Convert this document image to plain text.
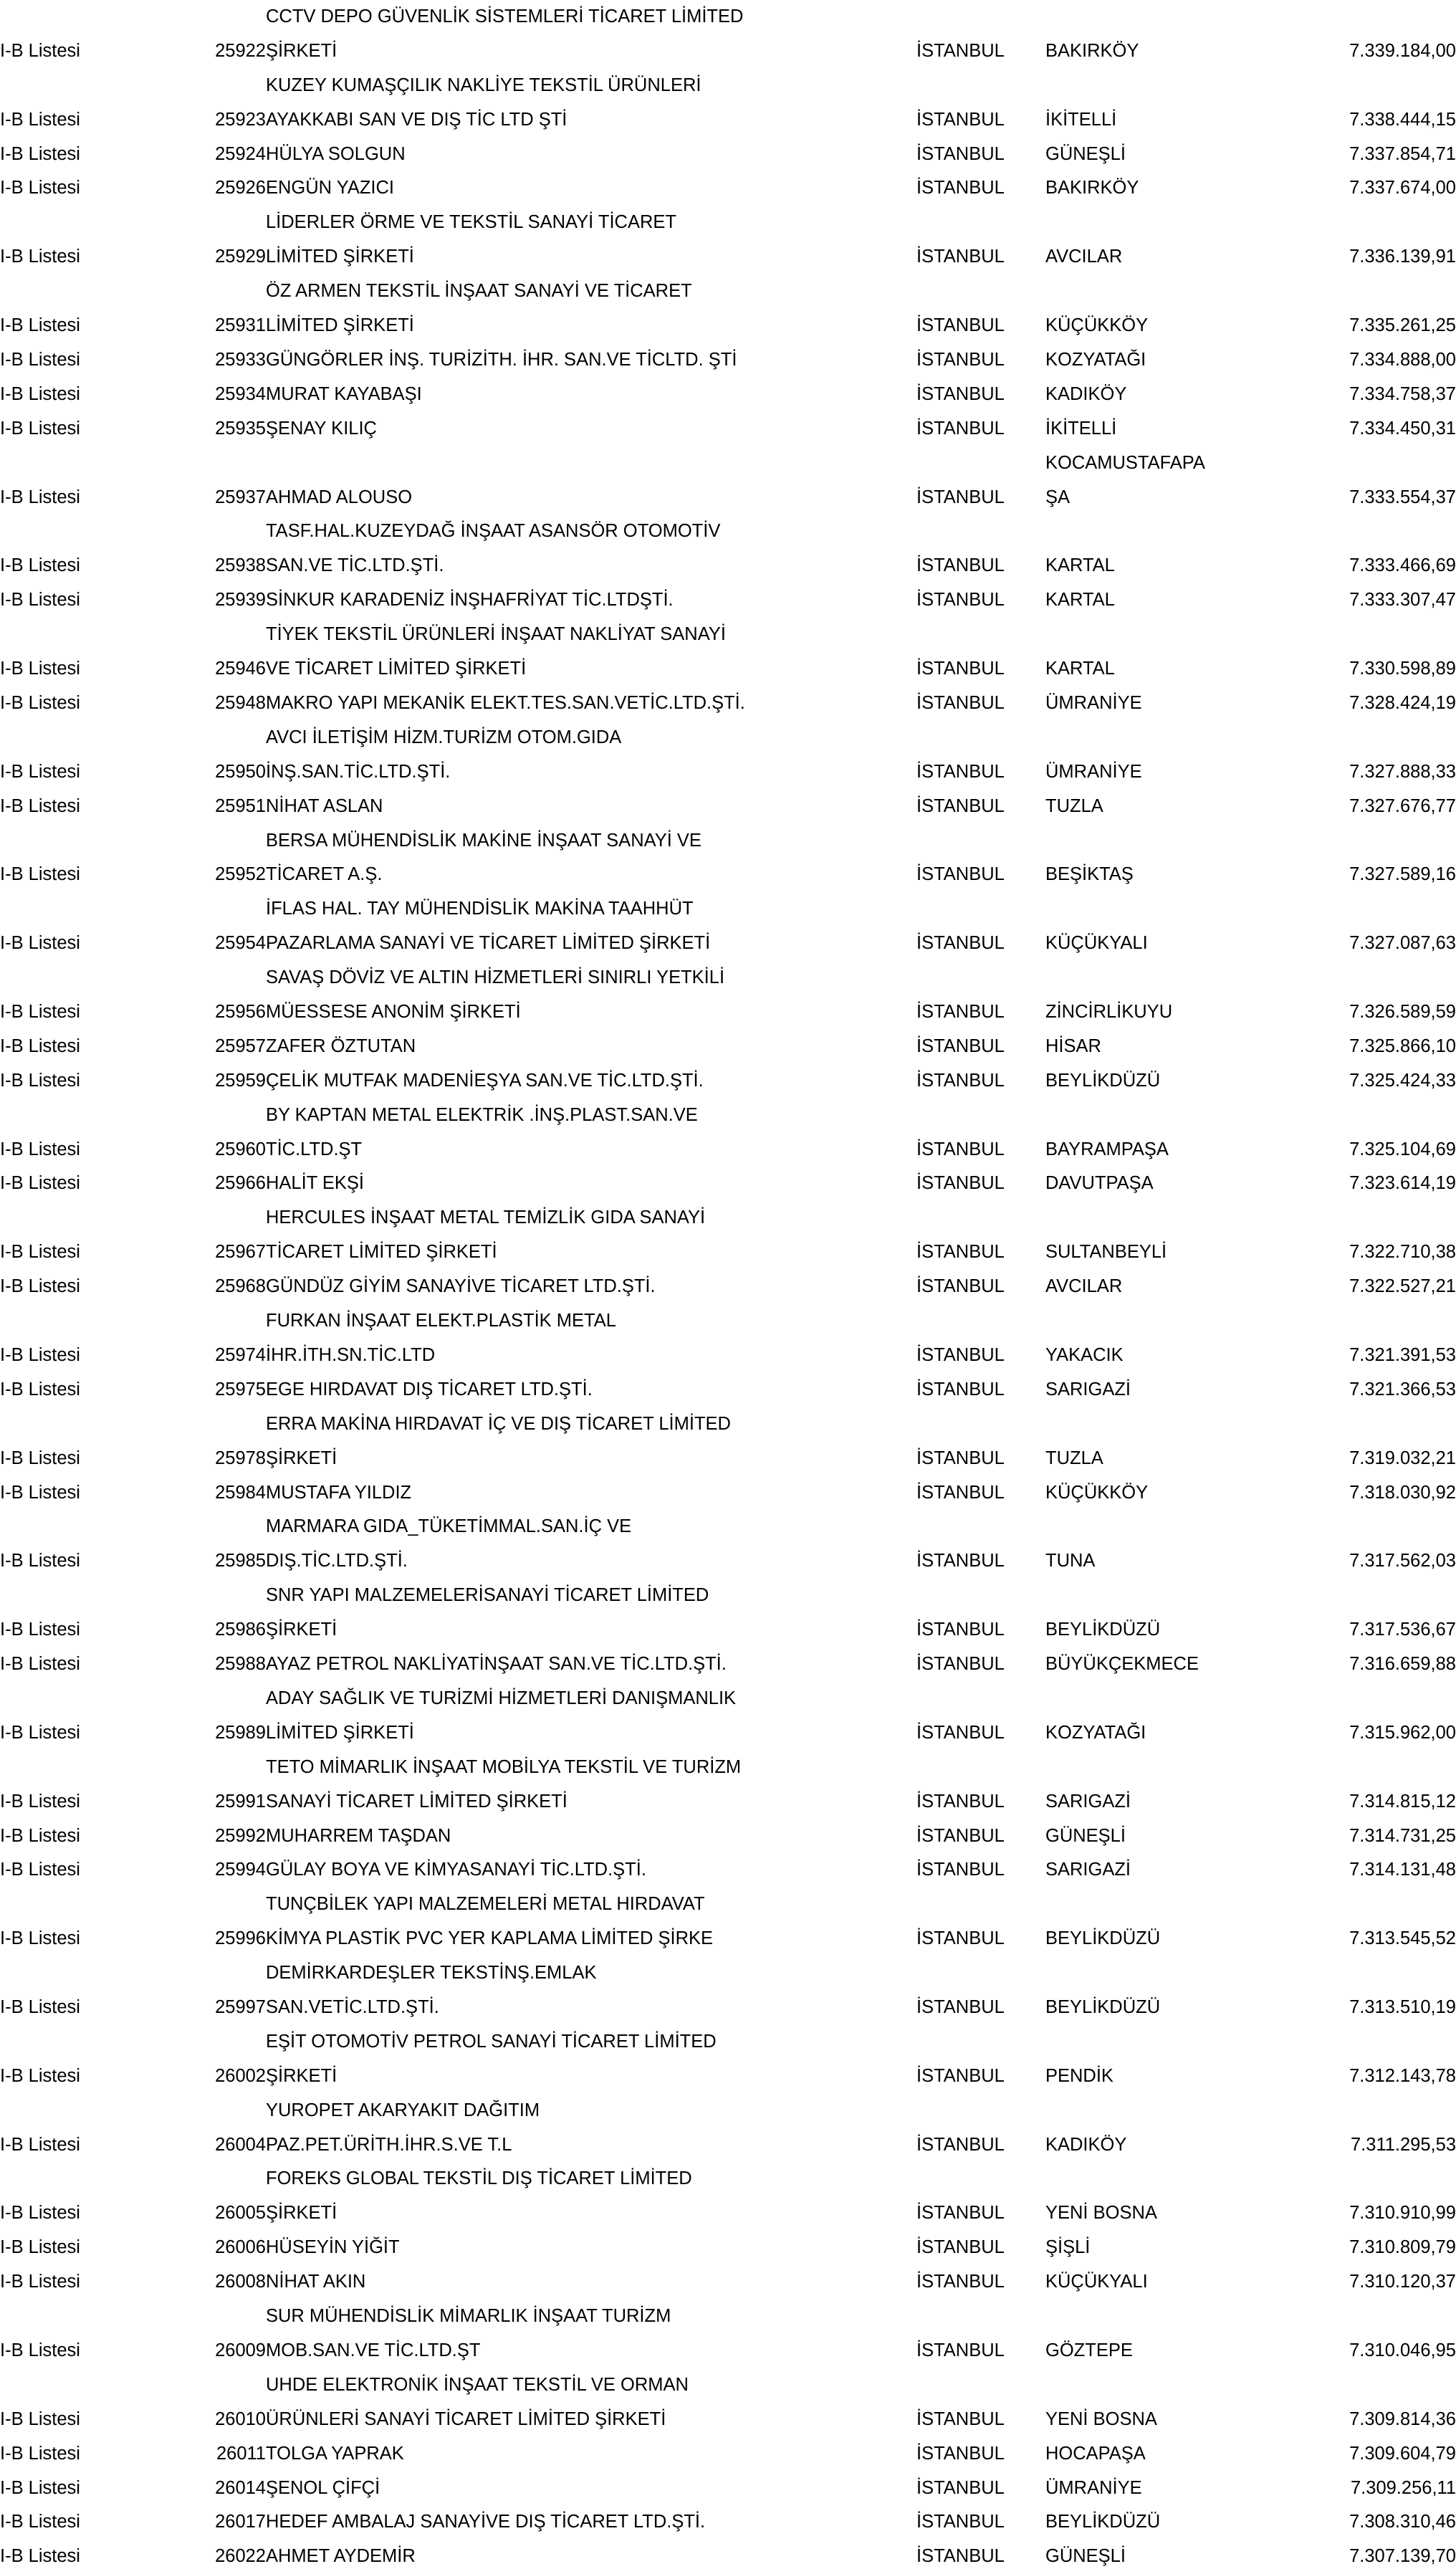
I-B Listesi	25922	CCTV DEPO GÜVENLİK SİSTEMLERİ TİCARET LİMİTED
ŞİRKETİ	İSTANBUL	BAKIRKÖY	7.339.184,00

I-B Listesi	25923	KUZEY KUMAŞÇILIK NAKLİYE TEKSTİL ÜRÜNLERİ
AYAKKABI SAN VE DIŞ TİC LTD ŞTİ	İSTANBUL	İKİTELLİ	7.338.444,15

I-B Listesi	25924	HÜLYA SOLGUN	İSTANBUL	GÜNEŞLİ	7.337.854,71

I-B Listesi	25926	ENGÜN YAZICI	İSTANBUL	BAKIRKÖY	7.337.674,00

I-B Listesi	25929	LİDERLER ÖRME VE TEKSTİL SANAYİ TİCARET
LİMİTED ŞİRKETİ	İSTANBUL	AVCILAR	7.336.139,91

I-B Listesi	25931	ÖZ ARMEN TEKSTİL İNŞAAT SANAYİ VE TİCARET
LİMİTED ŞİRKETİ	İSTANBUL	KÜÇÜKKÖY	7.335.261,25

I-B Listesi	25933	GÜNGÖRLER İNŞ. TURİZİTH. İHR. SAN.VE TİCLTD. ŞTİ	İSTANBUL	KOZYATAĞI	7.334.888,00

I-B Listesi	25934	MURAT KAYABAŞI	İSTANBUL	KADIKÖY	7.334.758,37

I-B Listesi	25935	ŞENAY KILIÇ	İSTANBUL	İKİTELLİ	7.334.450,31

I-B Listesi	25937	AHMAD ALOUSO	İSTANBUL	KOCAMUSTAFAPA
ŞA	7.333.554,37

I-B Listesi	25938	TASF.HAL.KUZEYDAĞ İNŞAAT ASANSÖR OTOMOTİV
SAN.VE TİC.LTD.ŞTİ.	İSTANBUL	KARTAL	7.333.466,69

I-B Listesi	25939	SİNKUR KARADENİZ İNŞHAFRİYAT TİC.LTDŞTİ.	İSTANBUL	KARTAL	7.333.307,47

I-B Listesi	25946	TİYEK TEKSTİL ÜRÜNLERİ İNŞAAT NAKLİYAT SANAYİ
VE TİCARET LİMİTED ŞİRKETİ	İSTANBUL	KARTAL	7.330.598,89

I-B Listesi	25948	MAKRO YAPI MEKANİK ELEKT.TES.SAN.VETİC.LTD.ŞTİ.	İSTANBUL	ÜMRANİYE	7.328.424,19

I-B Listesi	25950	AVCI İLETİŞİM HİZM.TURİZM OTOM.GIDA
İNŞ.SAN.TİC.LTD.ŞTİ.	İSTANBUL	ÜMRANİYE	7.327.888,33

I-B Listesi	25951	NİHAT ASLAN	İSTANBUL	TUZLA	7.327.676,77

I-B Listesi	25952	BERSA MÜHENDİSLİK MAKİNE İNŞAAT SANAYİ VE
TİCARET A.Ş.	İSTANBUL	BEŞİKTAŞ	7.327.589,16

I-B Listesi	25954	İFLAS HAL. TAY MÜHENDİSLİK MAKİNA TAAHHÜT
PAZARLAMA SANAYİ VE TİCARET LİMİTED ŞİRKETİ	İSTANBUL	KÜÇÜKYALI	7.327.087,63

I-B Listesi	25956	SAVAŞ DÖVİZ VE ALTIN HİZMETLERİ SINIRLI YETKİLİ
MÜESSESE ANONİM ŞİRKETİ	İSTANBUL	ZİNCİRLİKUYU	7.326.589,59

I-B Listesi	25957	ZAFER ÖZTUTAN	İSTANBUL	HİSAR	7.325.866,10

I-B Listesi	25959	ÇELİK MUTFAK MADENİEŞYA SAN.VE TİC.LTD.ŞTİ.	İSTANBUL	BEYLİKDÜZÜ	7.325.424,33

I-B Listesi	25960	BY KAPTAN METAL ELEKTRİK .İNŞ.PLAST.SAN.VE
TİC.LTD.ŞT	İSTANBUL	BAYRAMPAŞA	7.325.104,69

I-B Listesi	25966	HALİT EKŞİ	İSTANBUL	DAVUTPAŞA	7.323.614,19

I-B Listesi	25967	HERCULES İNŞAAT METAL TEMİZLİK GIDA SANAYİ
TİCARET LİMİTED ŞİRKETİ	İSTANBUL	SULTANBEYLİ	7.322.710,38

I-B Listesi	25968	GÜNDÜZ GİYİM SANAYİVE TİCARET LTD.ŞTİ.	İSTANBUL	AVCILAR	7.322.527,21

I-B Listesi	25974	FURKAN İNŞAAT ELEKT.PLASTİK METAL
İHR.İTH.SN.TİC.LTD	İSTANBUL	YAKACIK	7.321.391,53

I-B Listesi	25975	EGE HIRDAVAT DIŞ TİCARET LTD.ŞTİ.	İSTANBUL	SARIGAZİ	7.321.366,53

I-B Listesi	25978	ERRA MAKİNA HIRDAVAT İÇ VE DIŞ TİCARET LİMİTED
ŞİRKETİ	İSTANBUL	TUZLA	7.319.032,21

I-B Listesi	25984	MUSTAFA YILDIZ	İSTANBUL	KÜÇÜKKÖY	7.318.030,92

I-B Listesi	25985	MARMARA GIDA_TÜKETİMMAL.SAN.İÇ VE
DIŞ.TİC.LTD.ŞTİ.	İSTANBUL	TUNA	7.317.562,03

I-B Listesi	25986	SNR YAPI MALZEMELERİSANAYİ TİCARET LİMİTED
ŞİRKETİ	İSTANBUL	BEYLİKDÜZÜ	7.317.536,67

I-B Listesi	25988	AYAZ PETROL NAKLİYATİNŞAAT SAN.VE TİC.LTD.ŞTİ.	İSTANBUL	BÜYÜKÇEKMECE	7.316.659,88

I-B Listesi	25989	ADAY SAĞLIK VE TURİZMİ HİZMETLERİ DANIŞMANLIK
LİMİTED ŞİRKETİ	İSTANBUL	KOZYATAĞI	7.315.962,00

I-B Listesi	25991	TETO MİMARLIK İNŞAAT MOBİLYA TEKSTİL VE TURİZM
SANAYİ TİCARET LİMİTED ŞİRKETİ	İSTANBUL	SARIGAZİ	7.314.815,12

I-B Listesi	25992	MUHARREM TAŞDAN	İSTANBUL	GÜNEŞLİ	7.314.731,25

I-B Listesi	25994	GÜLAY BOYA VE KİMYASANAYİ TİC.LTD.ŞTİ.	İSTANBUL	SARIGAZİ	7.314.131,48

I-B Listesi	25996	TUNÇBİLEK YAPI MALZEMELERİ METAL HIRDAVAT
KİMYA PLASTİK PVC YER KAPLAMA LİMİTED ŞİRKE	İSTANBUL	BEYLİKDÜZÜ	7.313.545,52

I-B Listesi	25997	DEMİRKARDEŞLER TEKSTİNŞ.EMLAK
SAN.VETİC.LTD.ŞTİ.	İSTANBUL	BEYLİKDÜZÜ	7.313.510,19

I-B Listesi	26002	EŞİT OTOMOTİV PETROL SANAYİ TİCARET LİMİTED
ŞİRKETİ	İSTANBUL	PENDİK	7.312.143,78

I-B Listesi	26004	YUROPET AKARYAKIT DAĞITIM
PAZ.PET.ÜRİTH.İHR.S.VE T.L	İSTANBUL	KADIKÖY	7.311.295,53

I-B Listesi	26005	FOREKS GLOBAL TEKSTİL DIŞ TİCARET LİMİTED
ŞİRKETİ	İSTANBUL	YENİ BOSNA	7.310.910,99

I-B Listesi	26006	HÜSEYİN YİĞİT	İSTANBUL	ŞİŞLİ	7.310.809,79

I-B Listesi	26008	NİHAT AKIN	İSTANBUL	KÜÇÜKYALI	7.310.120,37

I-B Listesi	26009	SUR MÜHENDİSLİK MİMARLIK İNŞAAT TURİZM
MOB.SAN.VE TİC.LTD.ŞT	İSTANBUL	GÖZTEPE	7.310.046,95

I-B Listesi	26010	UHDE ELEKTRONİK İNŞAAT TEKSTİL VE ORMAN
ÜRÜNLERİ SANAYİ TİCARET LİMİTED ŞİRKETİ	İSTANBUL	YENİ BOSNA	7.309.814,36

I-B Listesi	26011	TOLGA YAPRAK	İSTANBUL	HOCAPAŞA	7.309.604,79

I-B Listesi	26014	ŞENOL ÇİFÇİ	İSTANBUL	ÜMRANİYE	7.309.256,11

I-B Listesi	26017	HEDEF AMBALAJ SANAYİVE DIŞ TİCARET LTD.ŞTİ.	İSTANBUL	BEYLİKDÜZÜ	7.308.310,46

I-B Listesi	26022	AHMET AYDEMİR	İSTANBUL	GÜNEŞLİ	7.307.139,70
